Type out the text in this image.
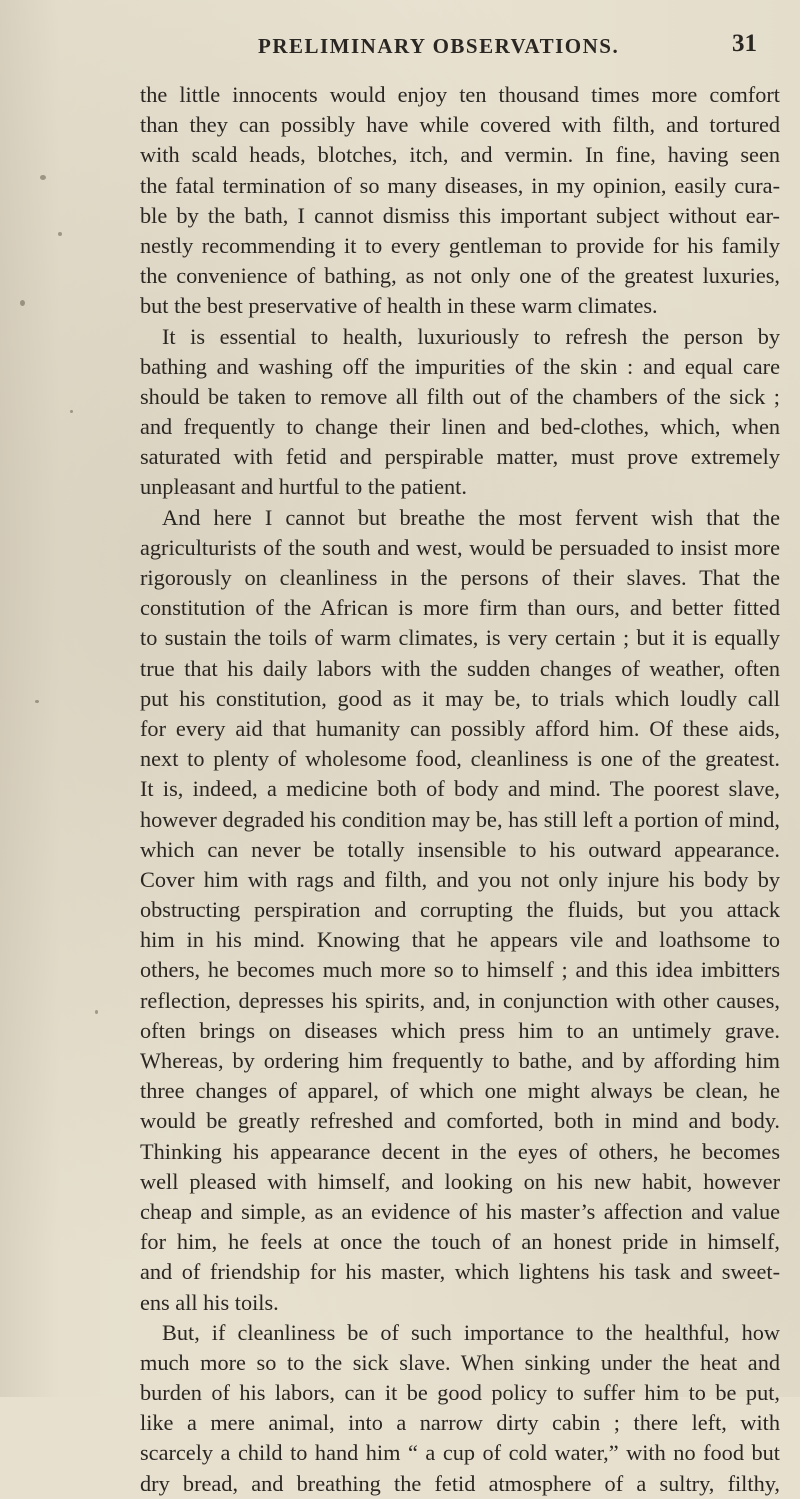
PRELIMINARY OBSERVATIONS.	31
the little innocents would enjoy ten thousand times more comfort
than they can possibly have while covered with filth, and tortured
with scald heads, blotches, itch, and vermin. In fine, having seen
the fatal termination of so many diseases, in my opinion, easily cura-
ble by the bath, I cannot dismiss this important subject without ear-
nestly recommending it to every gentleman to provide for his family
the convenience of bathing, as not only one of the greatest luxuries,
but the best preservative of health in these warm climates.
It is essential to health, luxuriously to refresh the person by
bathing and washing off the impurities of the skin : and equal care
should be taken to remove all filth out of the chambers of the sick ;
and frequently to change their linen and bed-clothes, which, when
saturated with fetid and perspirable matter, must prove extremely
unpleasant and hurtful to the patient.
And here I cannot but breathe the most fervent wish that the
agriculturists of the south and west, would be persuaded to insist more
rigorously on cleanliness in the persons of their slaves. That the
constitution of the African is more firm than ours, and better fitted
to sustain the toils of warm climates, is very certain ; but it is equally
true that his daily labors with the sudden changes of weather, often
put his constitution, good as it may be, to trials which loudly call
for every aid that humanity can possibly afford him. Of these aids,
next to plenty of wholesome food, cleanliness is one of the greatest.
It is, indeed, a medicine both of body and mind. The poorest slave,
however degraded his condition may be, has still left a portion of mind,
which can never be totally insensible to his outward appearance.
Cover him with rags and filth, and you not only injure his body by
obstructing perspiration and corrupting the fluids, but you attack
him in his mind. Knowing that he appears vile and loathsome to
others, he becomes much more so to himself ; and this idea imbitters
reflection, depresses his spirits, and, in conjunction with other causes,
often brings on diseases which press him to an untimely grave.
Whereas, by ordering him frequently to bathe, and by affording him
three changes of apparel, of which one might always be clean, he
would be greatly refreshed and comforted, both in mind and body.
Thinking his appearance decent in the eyes of others, he becomes
well pleased with himself, and looking on his new habit, however
cheap and simple, as an evidence of his master’s affection and value
for him, he feels at once the touch of an honest pride in himself,
and of friendship for his master, which lightens his task and sweet-
ens all his toils.
But, if cleanliness be of such importance to the healthful, how
much more so to the sick slave. When sinking under the heat and
burden of his labors, can it be good policy to suffer him to be put,
like a mere animal, into a narrow dirty cabin ; there left, with
scarcely a child to hand him “ a cup of cold water,” with no food but
dry bread, and breathing the fetid atmosphere of a sultry, filthy,
